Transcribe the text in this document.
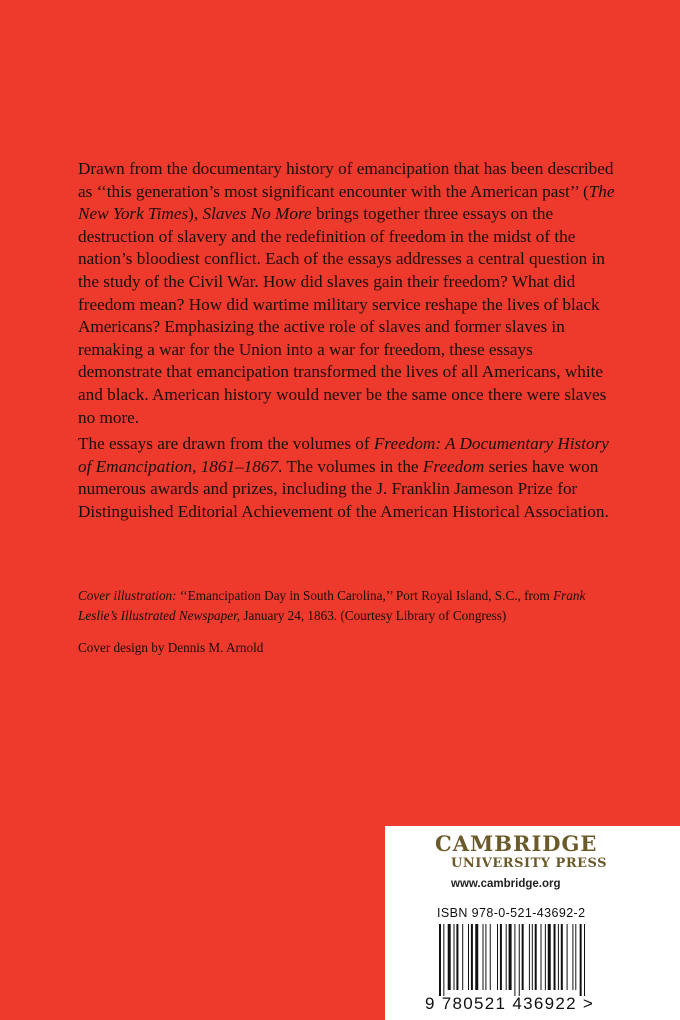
Drawn from the documentary history of emancipation that has been described as ‘‘this generation’s most significant encounter with the American past’’ (The New York Times), Slaves No More brings together three essays on the destruction of slavery and the redefinition of freedom in the midst of the nation’s bloodiest conflict. Each of the essays addresses a central question in the study of the Civil War. How did slaves gain their freedom? What did freedom mean? How did wartime military service reshape the lives of black Americans? Emphasizing the active role of slaves and former slaves in remaking a war for the Union into a war for freedom, these essays demonstrate that emancipation transformed the lives of all Americans, white and black. American history would never be the same once there were slaves no more.

The essays are drawn from the volumes of Freedom: A Documentary History of Emancipation, 1861–1867. The volumes in the Freedom series have won numerous awards and prizes, including the J. Franklin Jameson Prize for Distinguished Editorial Achievement of the American Historical Association.

Cover illustration: ‘‘Emancipation Day in South Carolina,’’ Port Royal Island, S.C., from Frank Leslie’s Illustrated Newspaper, January 24, 1863. (Courtesy Library of Congress)
Cover design by Dennis M. Arnold
CAMBRIDGE
UNIVERSITY PRESS
www.cambridge.org
ISBN 978-0-521-43692-2
9 780521 436922 >
